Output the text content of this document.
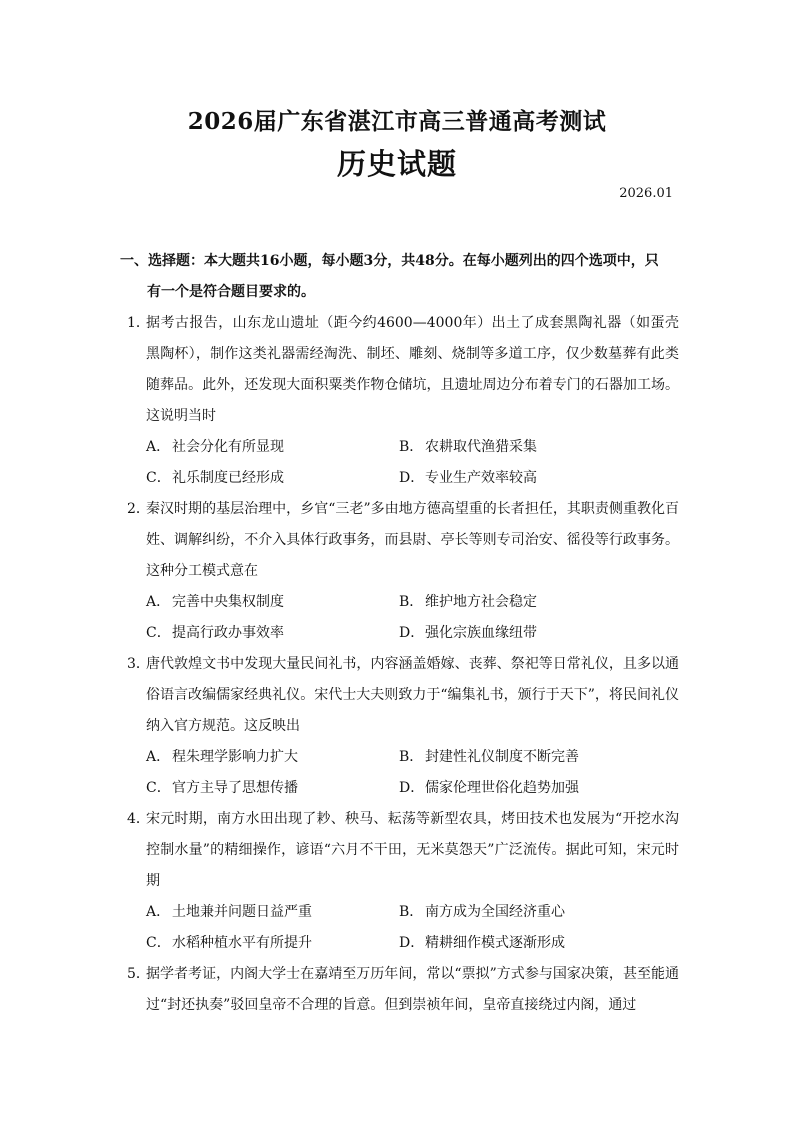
2026届广东省湛江市高三普通高考测试
历史试题
2026.01
一、选择题：本大题共16小题，每小题3分，共48分。在每小题列出的四个选项中，只
有一个是符合题目要求的。
1．
据考古报告，山东龙山遗址（距今约4600—4000年）出土了成套黑陶礼器（如蛋壳黑陶杯），制作这类礼器需经淘洗、制坯、雕刻、烧制等多道工序，仅少数墓葬有此类随葬品。此外，还发现大面积粟类作物仓储坑，且遗址周边分布着专门的石器加工场。这说明当时
A． 社会分化有所显现	B． 农耕取代渔猎采集
C．礼乐制度已经形成	D．专业生产效率较高
2．
秦汉时期的基层治理中，乡官“三老”多由地方德高望重的长者担任，其职责侧重教化百姓、调解纠纷，不介入具体行政事务，而县尉、亭长等则专司治安、徭役等行政事务。这种分工模式意在
A． 完善中央集权制度	B． 维护地方社会稳定
C．提高行政办事效率	D．强化宗族血缘纽带
3．
唐代敦煌文书中发现大量民间礼书，内容涵盖婚嫁、丧葬、祭祀等日常礼仪，且多以通俗语言改编儒家经典礼仪。宋代士大夫则致力于“编集礼书，颁行于天下”，将民间礼仪纳入官方规范。这反映出
A． 程朱理学影响力扩大	B． 封建性礼仪制度不断完善
C．官方主导了思想传播	D．儒家伦理世俗化趋势加强
4．
宋元时期，南方水田出现了耖、秧马、耘荡等新型农具，烤田技术也发展为“开挖水沟控制水量”的精细操作，谚语“六月不干田，无米莫怨天”广泛流传。据此可知，宋元时期
A． 土地兼并问题日益严重	B． 南方成为全国经济重心
C．水稻种植水平有所提升	D．精耕细作模式逐渐形成
5．
据学者考证，内阁大学士在嘉靖至万历年间，常以“票拟”方式参与国家决策，甚至能通过“封还执奏”驳回皇帝不合理的旨意。但到崇祯年间，皇帝直接绕过内阁，通过
